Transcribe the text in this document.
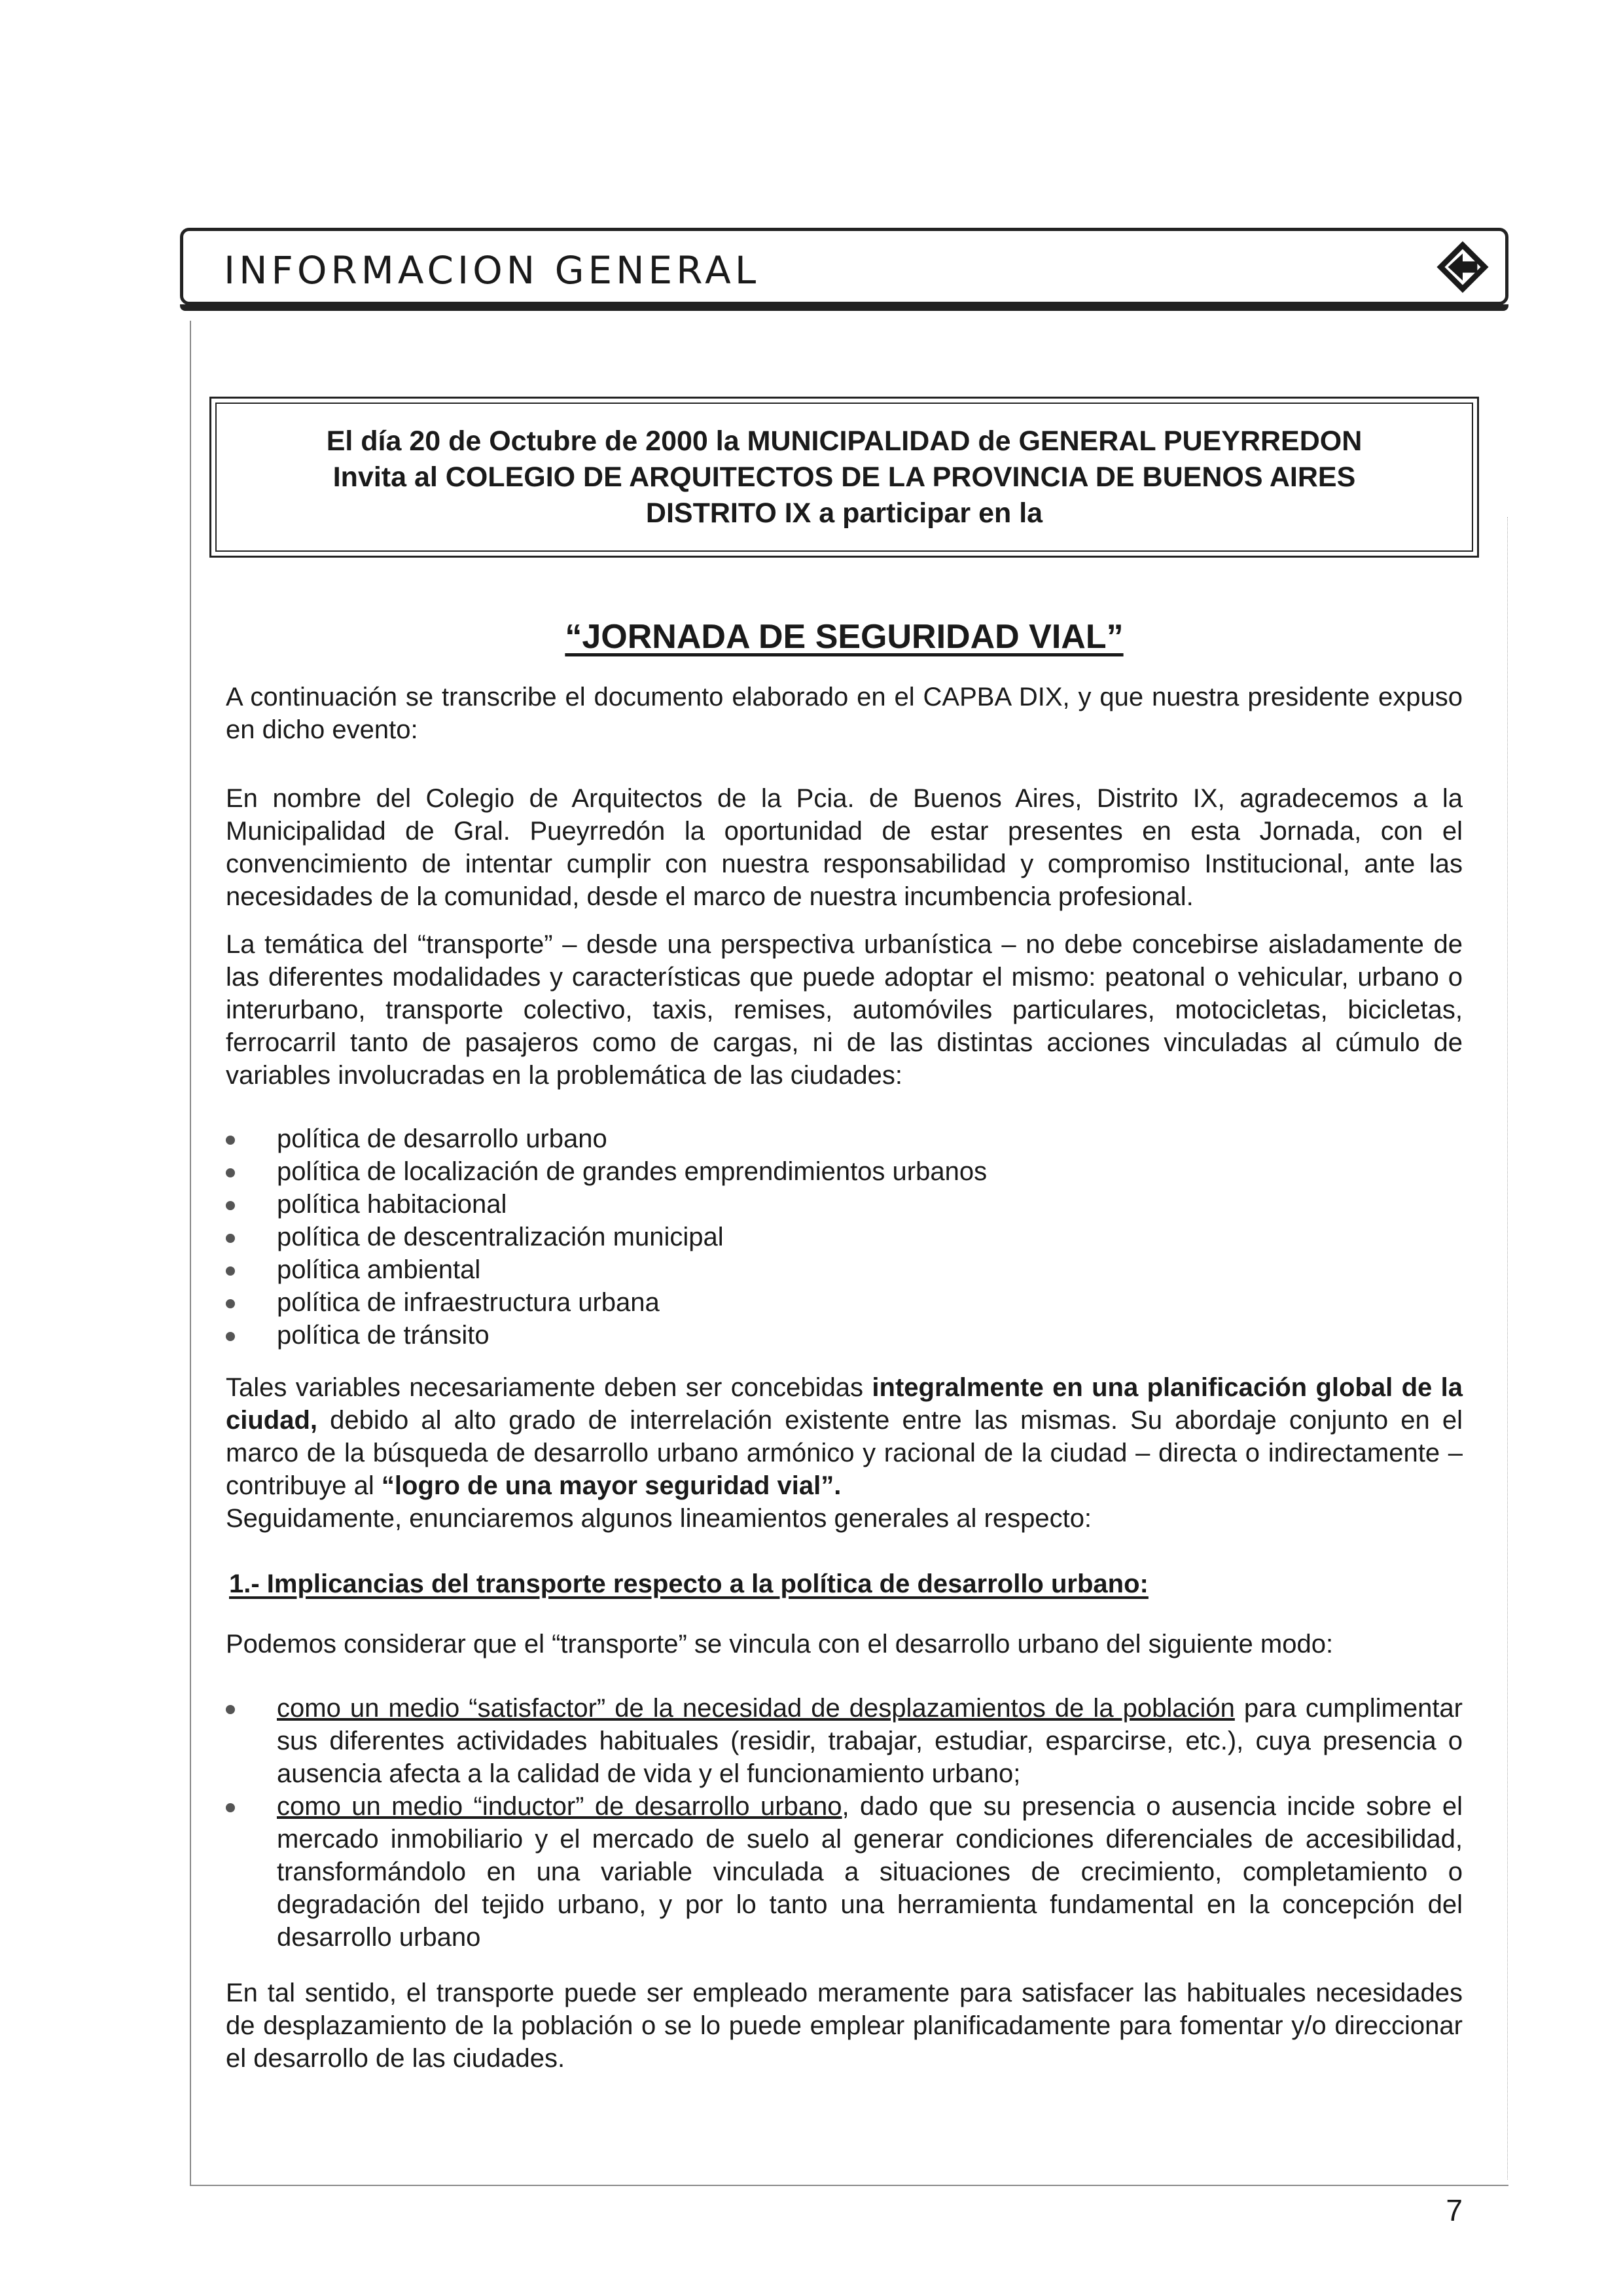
INFORMACION GENERAL
El día 20 de Octubre de 2000 la MUNICIPALIDAD de GENERAL PUEYRREDON
Invita al COLEGIO DE ARQUITECTOS DE LA PROVINCIA DE BUENOS AIRES
DISTRITO IX a participar en la
“JORNADA DE SEGURIDAD VIAL”

A continuación se transcribe el documento elaborado en el CAPBA DIX, y que nuestra presidente expuso en dicho evento:

En nombre del Colegio de Arquitectos de la Pcia. de Buenos Aires, Distrito IX, agradecemos a la Municipalidad de Gral. Pueyrredón la oportunidad de estar presentes en esta Jornada, con el convencimiento de intentar cumplir con nuestra responsabilidad y compromiso Institucional, ante las necesidades de la comunidad, desde el marco de nuestra incumbencia profesional.

La temática del “transporte” – desde una perspectiva urbanística – no debe concebirse aisladamente de las diferentes modalidades y características que puede adoptar el mismo: peatonal o vehicular, urbano o interurbano, transporte colectivo, taxis, remises, automóviles particulares, motocicletas, bicicletas, ferrocarril tanto de pasajeros como de cargas, ni de las distintas acciones vinculadas al cúmulo de variables involucradas en la problemática de las ciudades:

política de desarrollo urbano
política de localización de grandes emprendimientos urbanos
política habitacional
política de descentralización municipal
política ambiental
política de infraestructura urbana
política de tránsito

Tales variables necesariamente deben ser concebidas integralmente en una planificación global de la ciudad, debido al alto grado de interrelación existente entre las mismas. Su abordaje conjunto en el marco de la búsqueda de desarrollo urbano armónico y racional de la ciudad – directa o indirectamente – contribuye al “logro de una mayor seguridad vial”.
Seguidamente, enunciaremos algunos lineamientos generales al respecto:

1.- Implicancias del transporte respecto a la política de desarrollo urbano:

Podemos considerar que el “transporte” se vincula con el desarrollo urbano del siguiente modo:

como un medio “satisfactor” de la necesidad de desplazamientos de la población para cumplimentar sus diferentes actividades habituales (residir, trabajar, estudiar, esparcirse, etc.), cuya presencia o ausencia afecta a la calidad de vida y el funcionamiento urbano;
como un medio “inductor” de desarrollo urbano, dado que su presencia o ausencia incide sobre el mercado inmobiliario y el mercado de suelo al generar condiciones diferenciales de accesibilidad, transformándolo en una variable vinculada a situaciones de crecimiento, completamiento o degradación del tejido urbano, y por lo tanto una herramienta fundamental en la concepción del desarrollo urbano

En tal sentido, el transporte puede ser empleado meramente para satisfacer las habituales necesidades de desplazamiento de la población o se lo puede emplear planificadamente para fomentar y/o direccionar el desarrollo de las ciudades.

7
